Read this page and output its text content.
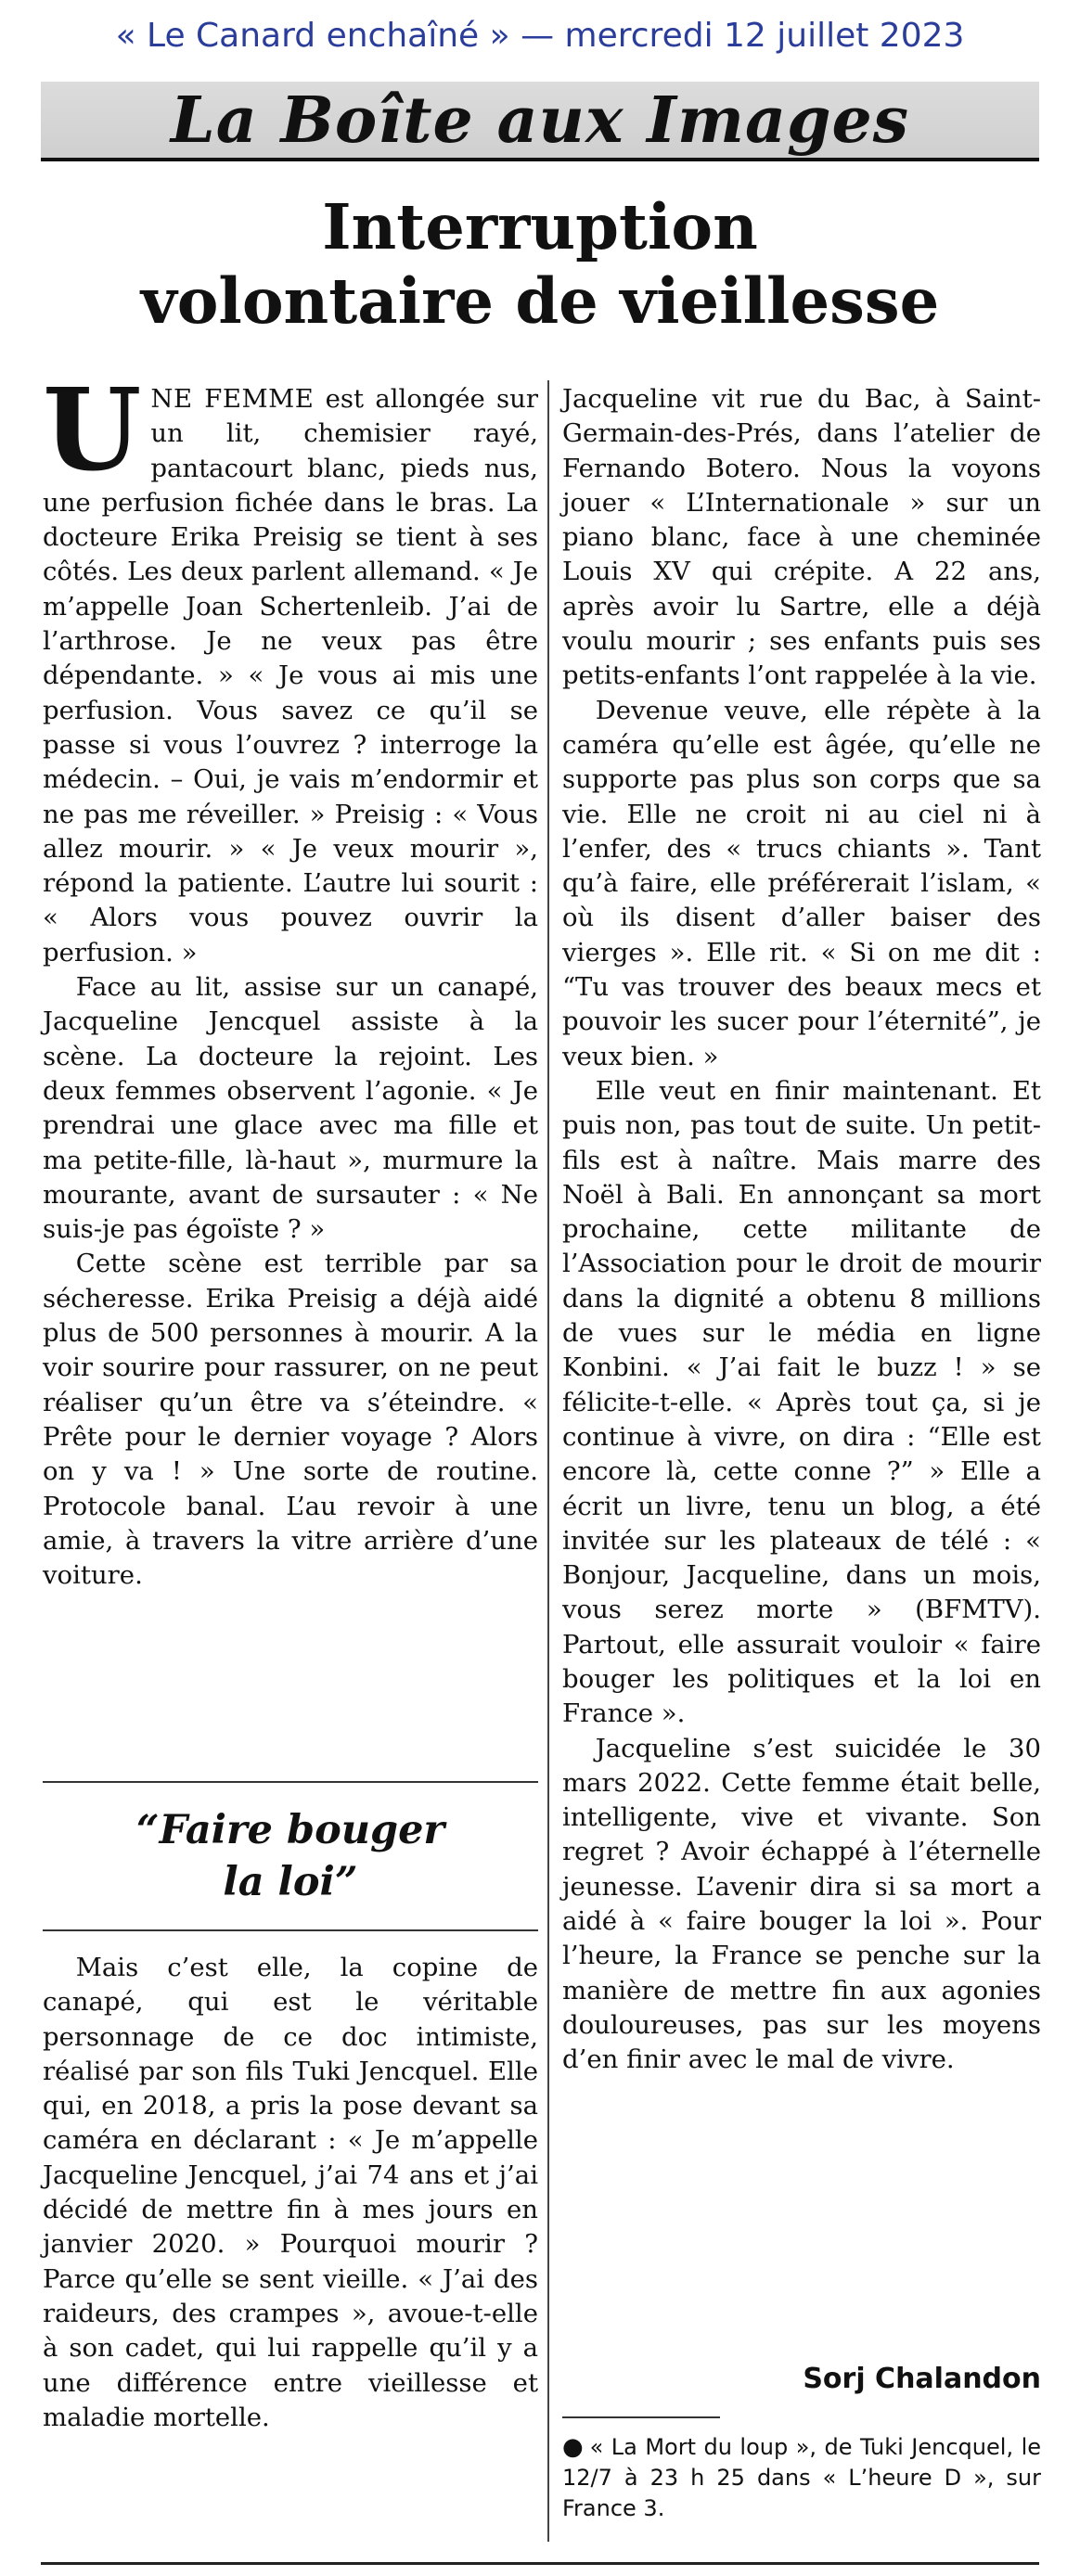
« Le Canard enchaîné » — mercredi 12 juillet 2023
La Boîte aux Images
Interruption
volontaire de vieillesse

UNE FEMME est allongée sur un lit, chemisier rayé, pantacourt blanc, pieds nus, une perfusion fichée dans le bras. La docteure Erika Preisig se tient à ses côtés. Les deux parlent allemand. « Je m’appelle Joan Schertenleib. J’ai de l’arthrose. Je ne veux pas être dépendante. » « Je vous ai mis une perfusion. Vous savez ce qu’il se passe si vous l’ouvrez ? interroge la médecin. – Oui, je vais m’endormir et ne pas me réveiller. » Preisig : « Vous allez mourir. » « Je veux mourir », répond la patiente. L’autre lui sourit : « Alors vous pouvez ouvrir la perfusion. »

Face au lit, assise sur un canapé, Jacqueline Jencquel assiste à la scène. La docteure la rejoint. Les deux femmes observent l’agonie. « Je prendrai une glace avec ma fille et ma petite-fille, là-haut », murmure la mourante, avant de sursauter : « Ne suis-je pas égoïste ? »

Cette scène est terrible par sa sécheresse. Erika Preisig a déjà aidé plus de 500 personnes à mourir. A la voir sourire pour rassurer, on ne peut réaliser qu’un être va s’éteindre. « Prête pour le dernier voyage ? Alors on y va ! » Une sorte de routine. Protocole banal. L’au revoir à une amie, à travers la vitre arrière d’une voiture.

“Faire bouger
la loi”

Mais c’est elle, la copine de canapé, qui est le véritable personnage de ce doc intimiste, réalisé par son fils Tuki Jencquel. Elle qui, en 2018, a pris la pose devant sa caméra en déclarant : « Je m’appelle Jacqueline Jencquel, j’ai 74 ans et j’ai décidé de mettre fin à mes jours en janvier 2020. » Pourquoi mourir ? Parce qu’elle se sent vieille. « J’ai des raideurs, des crampes », avoue-t-elle à son cadet, qui lui rappelle qu’il y a une différence entre vieillesse et maladie mortelle.

Jacqueline vit rue du Bac, à Saint-Germain-des-Prés, dans l’atelier de Fernando Botero. Nous la voyons jouer « L’Internationale » sur un piano blanc, face à une cheminée Louis XV qui crépite. A 22 ans, après avoir lu Sartre, elle a déjà voulu mourir ; ses enfants puis ses petits-enfants l’ont rappelée à la vie.

Devenue veuve, elle répète à la caméra qu’elle est âgée, qu’elle ne supporte pas plus son corps que sa vie. Elle ne croit ni au ciel ni à l’enfer, des « trucs chiants ». Tant qu’à faire, elle préférerait l’islam, « où ils disent d’aller baiser des vierges ». Elle rit. « Si on me dit : “Tu vas trouver des beaux mecs et pouvoir les sucer pour l’éternité”, je veux bien. »

Elle veut en finir maintenant. Et puis non, pas tout de suite. Un petit-fils est à naître. Mais marre des Noël à Bali. En annonçant sa mort prochaine, cette militante de l’Association pour le droit de mourir dans la dignité a obtenu 8 millions de vues sur le média en ligne Konbini. « J’ai fait le buzz ! » se félicite-t-elle. « Après tout ça, si je continue à vivre, on dira : “Elle est encore là, cette conne ?” » Elle a écrit un livre, tenu un blog, a été invitée sur les plateaux de télé : « Bonjour, Jacqueline, dans un mois, vous serez morte » (BFMTV). Partout, elle assurait vouloir « faire bouger les politiques et la loi en France ».

Jacqueline s’est suicidée le 30 mars 2022. Cette femme était belle, intelligente, vive et vivante. Son regret ? Avoir échappé à l’éternelle jeunesse. L’avenir dira si sa mort a aidé à « faire bouger la loi ». Pour l’heure, la France se penche sur la manière de mettre fin aux agonies douloureuses, pas sur les moyens d’en finir avec le mal de vivre.

Sorj Chalandon
● « La Mort du loup », de Tuki Jencquel, le 12/7 à 23 h 25 dans « L’heure D », sur France 3.
